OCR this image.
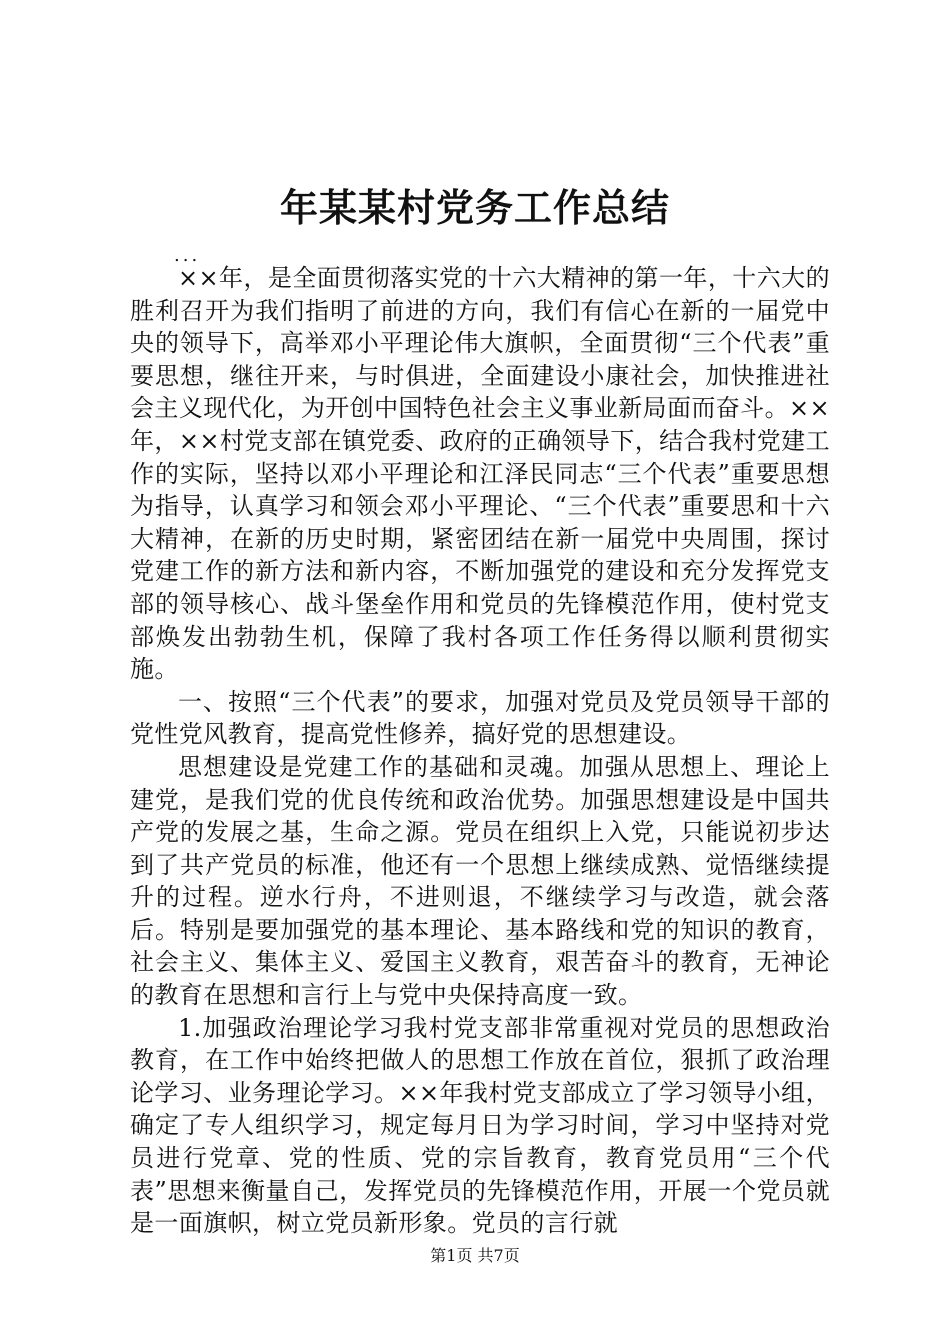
年某某村党务工作总结
...

××年，是全面贯彻落实党的十六大精神的第一年，十六大的胜利召开为我们指明了前进的方向，我们有信心在新的一届党中央的领导下，高举邓小平理论伟大旗帜，全面贯彻“三个代表”重要思想，继往开来，与时俱进，全面建设小康社会，加快推进社会主义现代化，为开创中国特色社会主义事业新局面而奋斗。××年，××村党支部在镇党委、政府的正确领导下，结合我村党建工作的实际，坚持以邓小平理论和江泽民同志“三个代表”重要思想为指导，认真学习和领会邓小平理论、“三个代表”重要思和十六大精神，在新的历史时期，紧密团结在新一届党中央周围，探讨党建工作的新方法和新内容，不断加强党的建设和充分发挥党支部的领导核心、战斗堡垒作用和党员的先锋模范作用，使村党支部焕发出勃勃生机，保障了我村各项工作任务得以顺利贯彻实施。

一、按照“三个代表”的要求，加强对党员及党员领导干部的党性党风教育，提高党性修养，搞好党的思想建设。

思想建设是党建工作的基础和灵魂。加强从思想上、理论上建党，是我们党的优良传统和政治优势。加强思想建设是中国共产党的发展之基，生命之源。党员在组织上入党，只能说初步达到了共产党员的标准，他还有一个思想上继续成熟、觉悟继续提升的过程。逆水行舟，不进则退，不继续学习与改造，就会落后。特别是要加强党的基本理论、基本路线和党的知识的教育，社会主义、集体主义、爱国主义教育，艰苦奋斗的教育，无神论的教育在思想和言行上与党中央保持高度一致。

1.加强政治理论学习我村党支部非常重视对党员的思想政治教育，在工作中始终把做人的思想工作放在首位，狠抓了政治理论学习、业务理论学习。××年我村党支部成立了学习领导小组，确定了专人组织学习，规定每月日为学习时间，学习中坚持对党员进行党章、党的性质、党的宗旨教育，教育党员用“三个代表”思想来衡量自己，发挥党员的先锋模范作用，开展一个党员就是一面旗帜，树立党员新形象。党员的言行就

第1页 共7页
